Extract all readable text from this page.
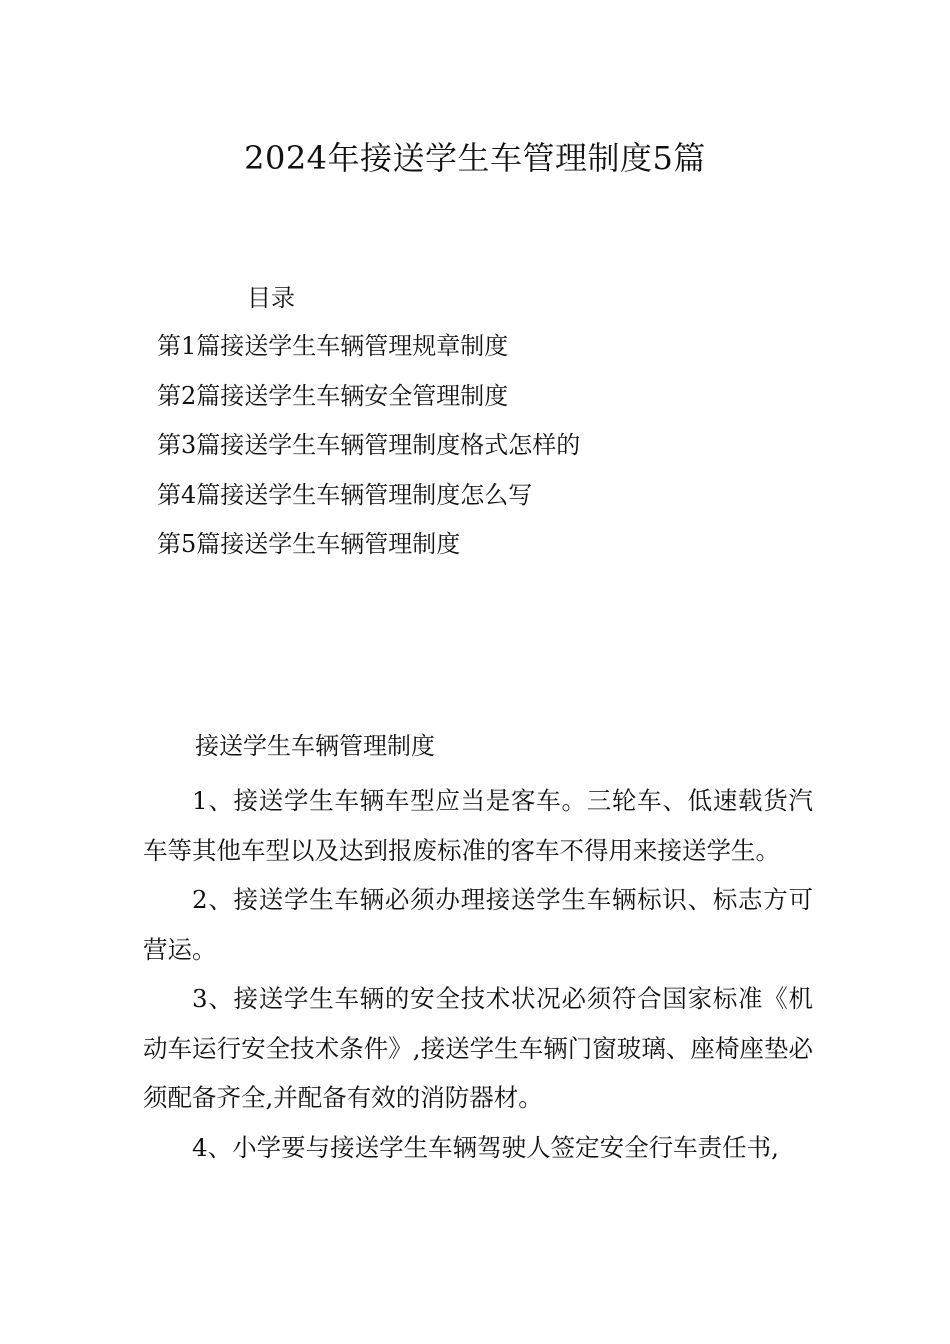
2024年接送学生车管理制度5篇
目录
第1篇接送学生车辆管理规章制度
第2篇接送学生车辆安全管理制度
第3篇接送学生车辆管理制度格式怎样的
第4篇接送学生车辆管理制度怎么写
第5篇接送学生车辆管理制度
接送学生车辆管理制度

1、接送学生车辆车型应当是客车。三轮车、低速载货汽车等其他车型以及达到报废标准的客车不得用来接送学生。

2、接送学生车辆必须办理接送学生车辆标识、标志方可营运。

3、接送学生车辆的安全技术状况必须符合国家标准《机动车运行安全技术条件》,接送学生车辆门窗玻璃、座椅座垫必须配备齐全,并配备有效的消防器材。

4、小学要与接送学生车辆驾驶人签定安全行车责任书,
